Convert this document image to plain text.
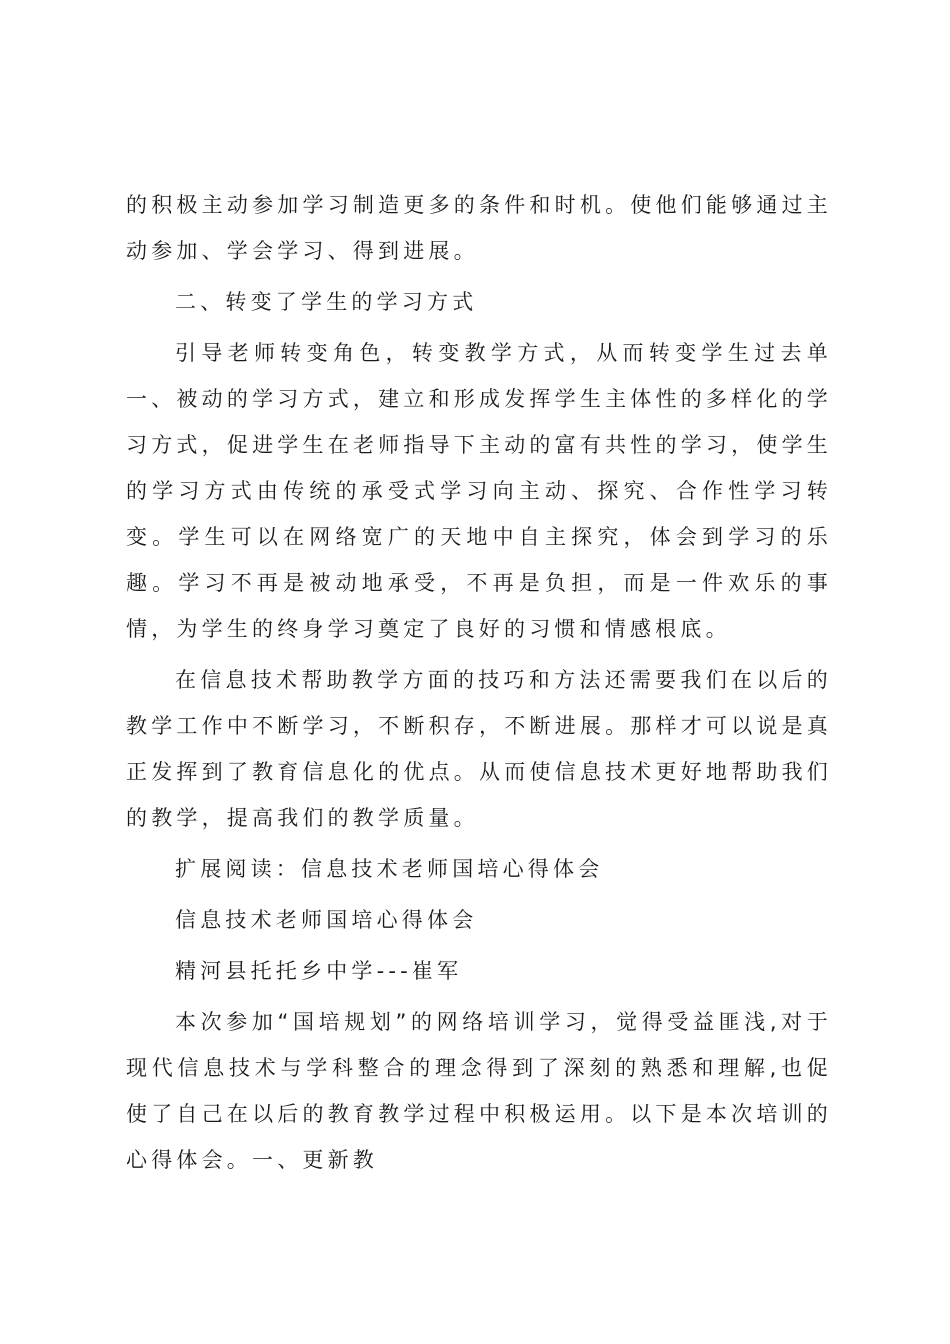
的积极主动参加学习制造更多的条件和时机。使他们能够通过主动参加、学会学习、得到进展。

二、转变了学生的学习方式

引导老师转变角色，转变教学方式，从而转变学生过去单一、被动的学习方式，建立和形成发挥学生主体性的多样化的学习方式，促进学生在老师指导下主动的富有共性的学习，使学生的学习方式由传统的承受式学习向主动、探究、合作性学习转变。学生可以在网络宽广的天地中自主探究，体会到学习的乐趣。学习不再是被动地承受，不再是负担，而是一件欢乐的事情，为学生的终身学习奠定了良好的习惯和情感根底。

在信息技术帮助教学方面的技巧和方法还需要我们在以后的教学工作中不断学习，不断积存，不断进展。那样才可以说是真正发挥到了教育信息化的优点。从而使信息技术更好地帮助我们的教学，提高我们的教学质量。

扩展阅读：信息技术老师国培心得体会

信息技术老师国培心得体会

精河县托托乡中学---崔军

本次参加“国培规划”的网络培训学习，觉得受益匪浅,对于现代信息技术与学科整合的理念得到了深刻的熟悉和理解,也促使了自己在以后的教育教学过程中积极运用。以下是本次培训的心得体会。一、更新教
